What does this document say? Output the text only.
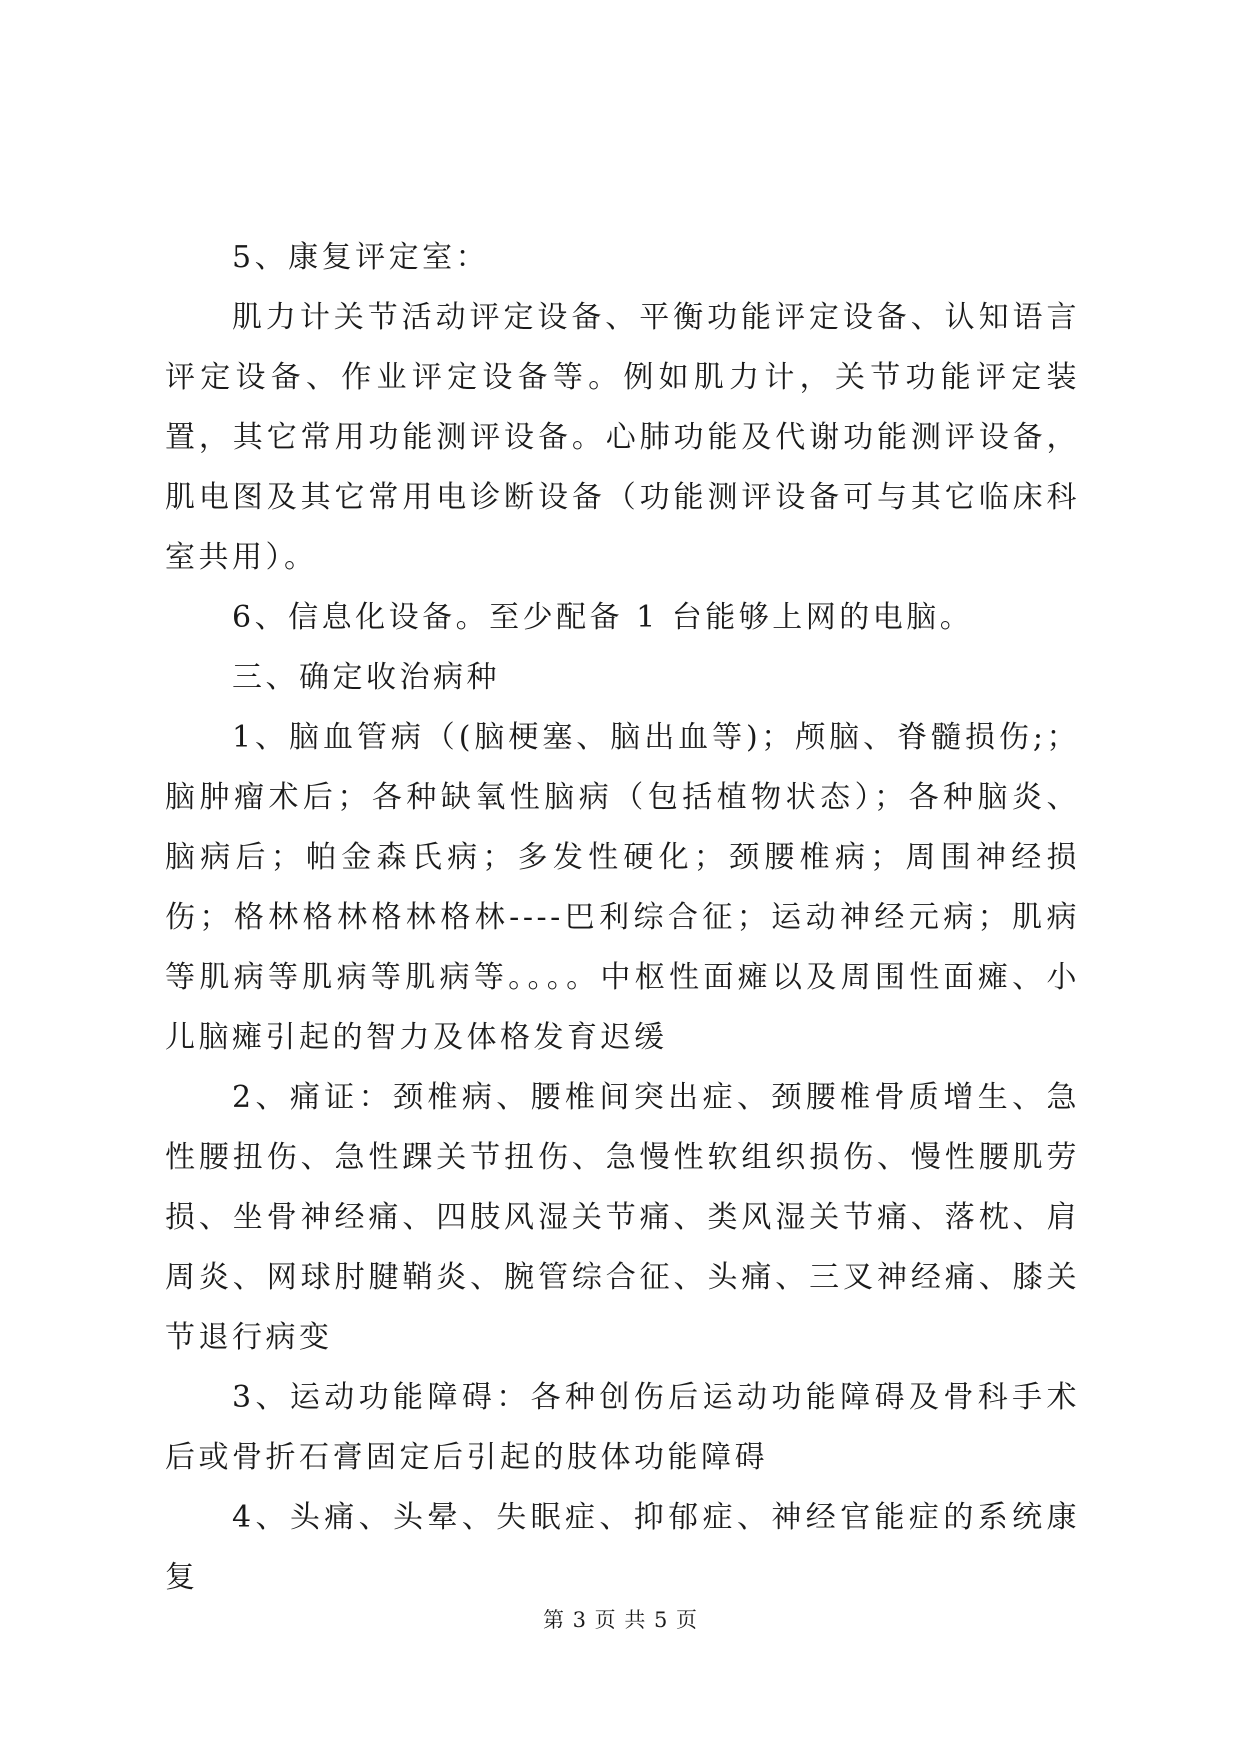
5、康复评定室：

肌力计关节活动评定设备、平衡功能评定设备、认知语言评定设备、作业评定设备等。例如肌力计，关节功能评定装置，其它常用功能测评设备。心肺功能及代谢功能测评设备，肌电图及其它常用电诊断设备（功能测评设备可与其它临床科室共用）。

6、信息化设备。至少配备 1 台能够上网的电脑。

三、确定收治病种

1、脑血管病（(脑梗塞、脑出血等)；颅脑、脊髓损伤;；脑肿瘤术后；各种缺氧性脑病（包括植物状态）；各种脑炎、脑病后；帕金森氏病；多发性硬化；颈腰椎病；周围神经损伤；格林格林格林格林----巴利综合征；运动神经元病；肌病等肌病等肌病等肌病等。。。。中枢性面瘫以及周围性面瘫、小儿脑瘫引起的智力及体格发育迟缓

2、痛证：颈椎病、腰椎间突出症、颈腰椎骨质增生、急性腰扭伤、急性踝关节扭伤、急慢性软组织损伤、慢性腰肌劳损、坐骨神经痛、四肢风湿关节痛、类风湿关节痛、落枕、肩周炎、网球肘腱鞘炎、腕管综合征、头痛、三叉神经痛、膝关节退行病变

3、运动功能障碍：各种创伤后运动功能障碍及骨科手术后或骨折石膏固定后引起的肢体功能障碍

4、头痛、头晕、失眠症、抑郁症、神经官能症的系统康复

第 3 页 共 5 页
